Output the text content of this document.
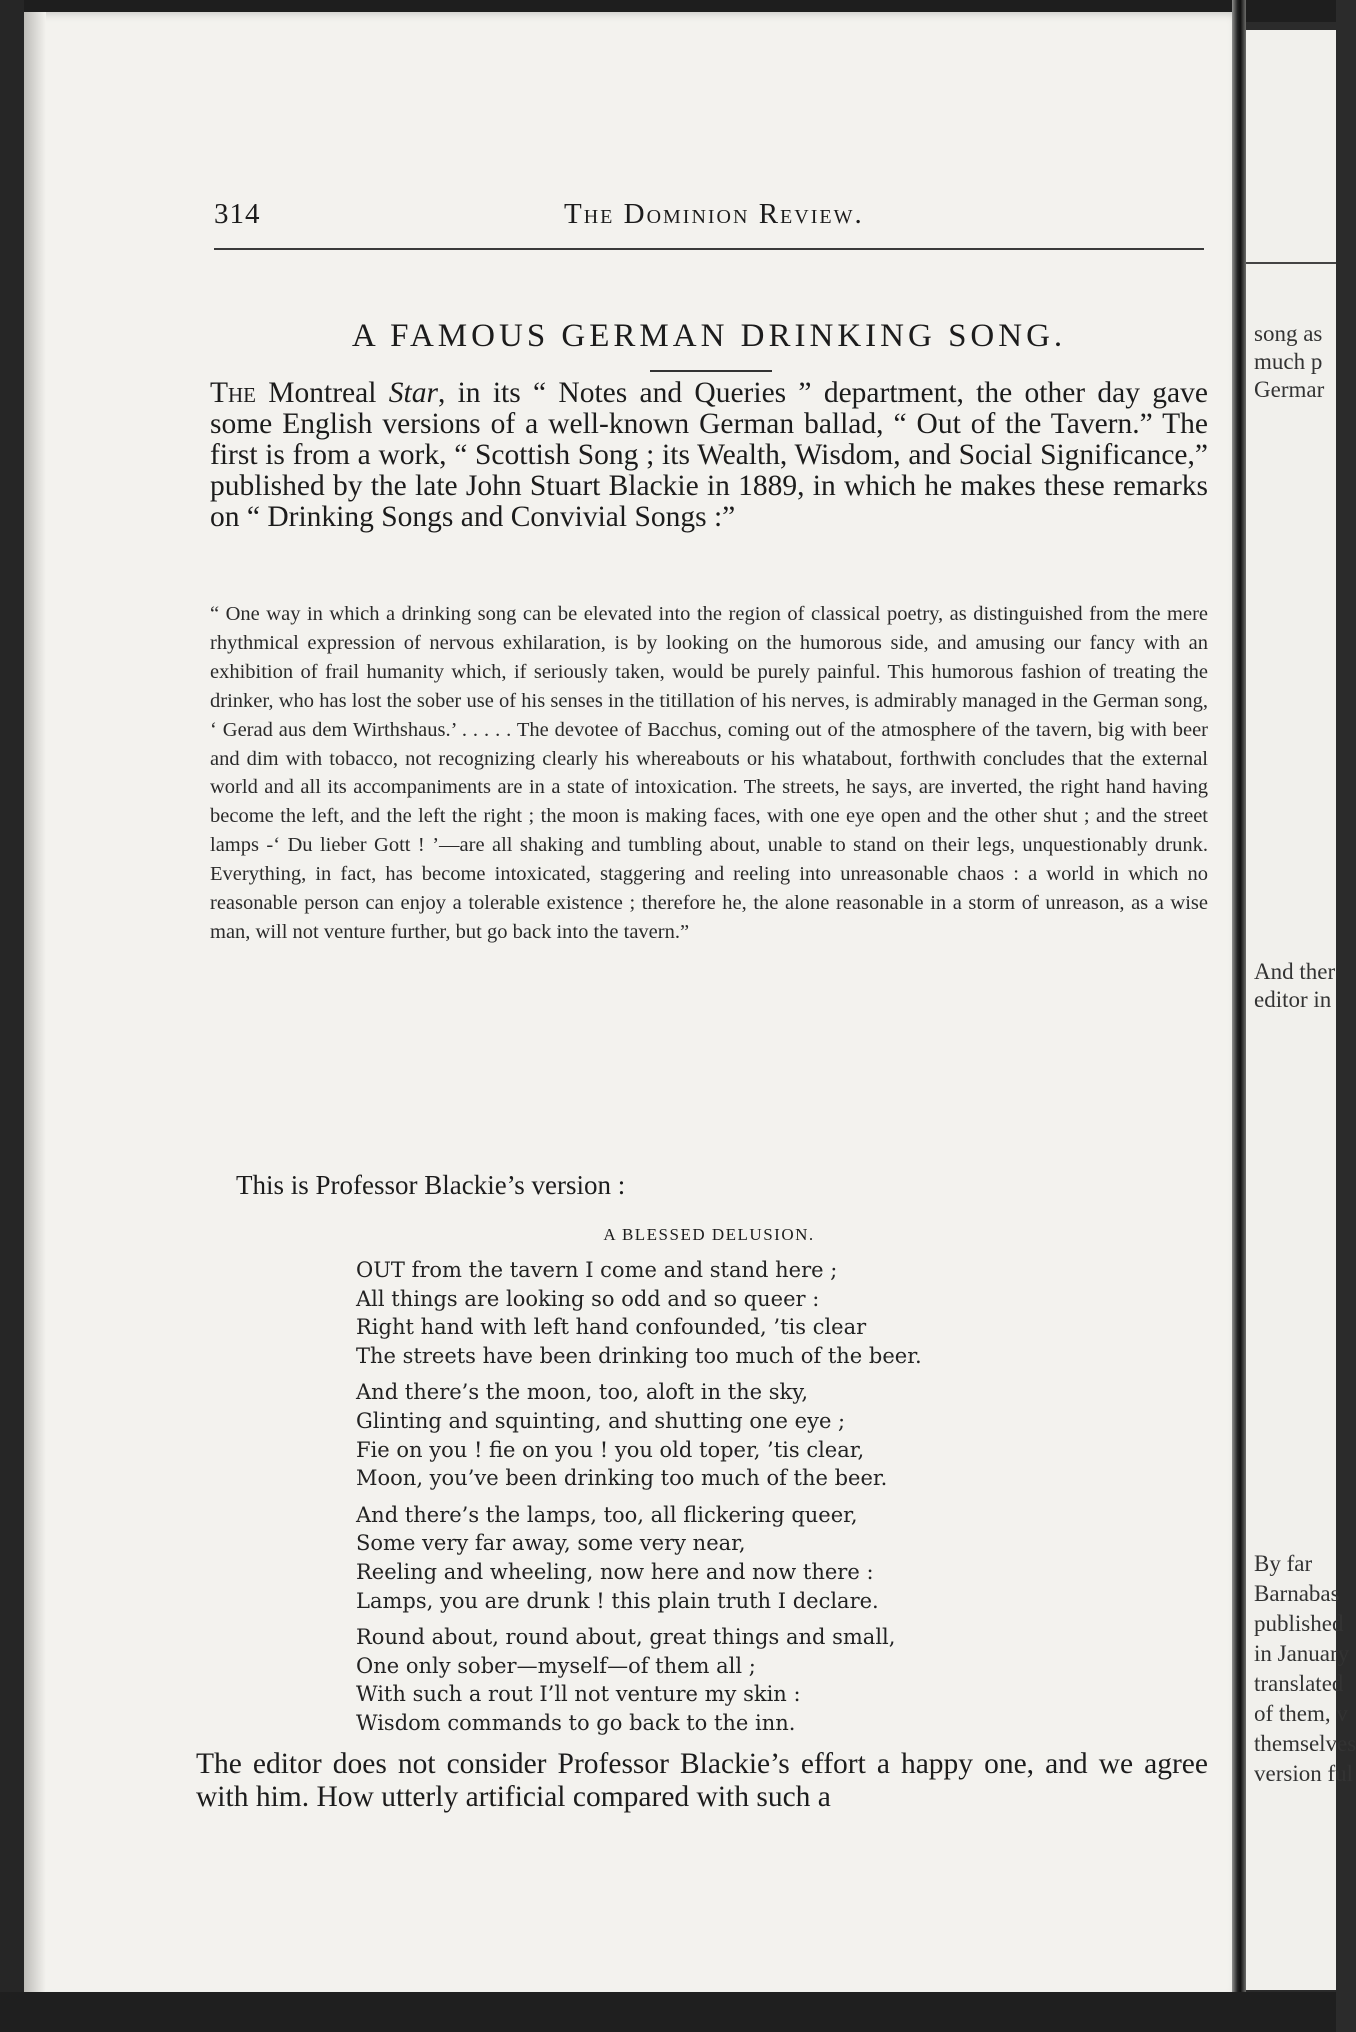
314	The Dominion Review.
A FAMOUS GERMAN DRINKING SONG.
The Montreal Star, in its “ Notes and Queries ” department, the other day gave some English versions of a well-known German ballad, “ Out of the Tavern.” The first is from a work, “ Scottish Song ; its Wealth, Wisdom, and Social Significance,” published by the late John Stuart Blackie in 1889, in which he makes these remarks on “ Drinking Songs and Convivial Songs :”
“ One way in which a drinking song can be elevated into the region of classical poetry, as distinguished from the mere rhythmical expression of nervous exhilaration, is by looking on the humorous side, and amusing our fancy with an exhibition of frail humanity which, if seriously taken, would be purely painful. This humorous fashion of treating the drinker, who has lost the sober use of his senses in the titillation of his nerves, is admirably managed in the German song, ‘ Gerad aus dem Wirthshaus.’ . . . . . The devotee of Bacchus, coming out of the atmosphere of the tavern, big with beer and dim with tobacco, not recognizing clearly his whereabouts or his whatabout, forthwith concludes that the external world and all its accompaniments are in a state of intoxication. The streets, he says, are inverted, the right hand having become the left, and the left the right ; the moon is making faces, with one eye open and the other shut ; and the street lamps -‘ Du lieber Gott ! ’—are all shaking and tumbling about, unable to stand on their legs, unquestionably drunk. Everything, in fact, has become intoxicated, staggering and reeling into unreasonable chaos : a world in which no reasonable person can enjoy a tolerable existence ; therefore he, the alone reasonable in a storm of unreason, as a wise man, will not venture further, but go back into the tavern.”
This is Professor Blackie’s version :
A BLESSED DELUSION.
OUT from the tavern I come and stand here ;
All things are looking so odd and so queer :
Right hand with left hand confounded, ’tis clear
The streets have been drinking too much of the beer.
And there’s the moon, too, aloft in the sky,
Glinting and squinting, and shutting one eye ;
Fie on you ! fie on you ! you old toper, ’tis clear,
Moon, you’ve been drinking too much of the beer.
And there’s the lamps, too, all flickering queer,
Some very far away, some very near,
Reeling and wheeling, now here and now there :
Lamps, you are drunk ! this plain truth I declare.
Round about, round about, great things and small,
One only sober—myself—of them all ;
With such a rout I’ll not venture my skin :
Wisdom commands to go back to the inn.
The editor does not consider Professor Blackie’s effort a happy one, and we agree with him. How utterly artificial compared with such a
song as
much p
Germar
And ther
editor in
By far
Barnabas
published
in January
translated
of them, v
themselves
version ful
